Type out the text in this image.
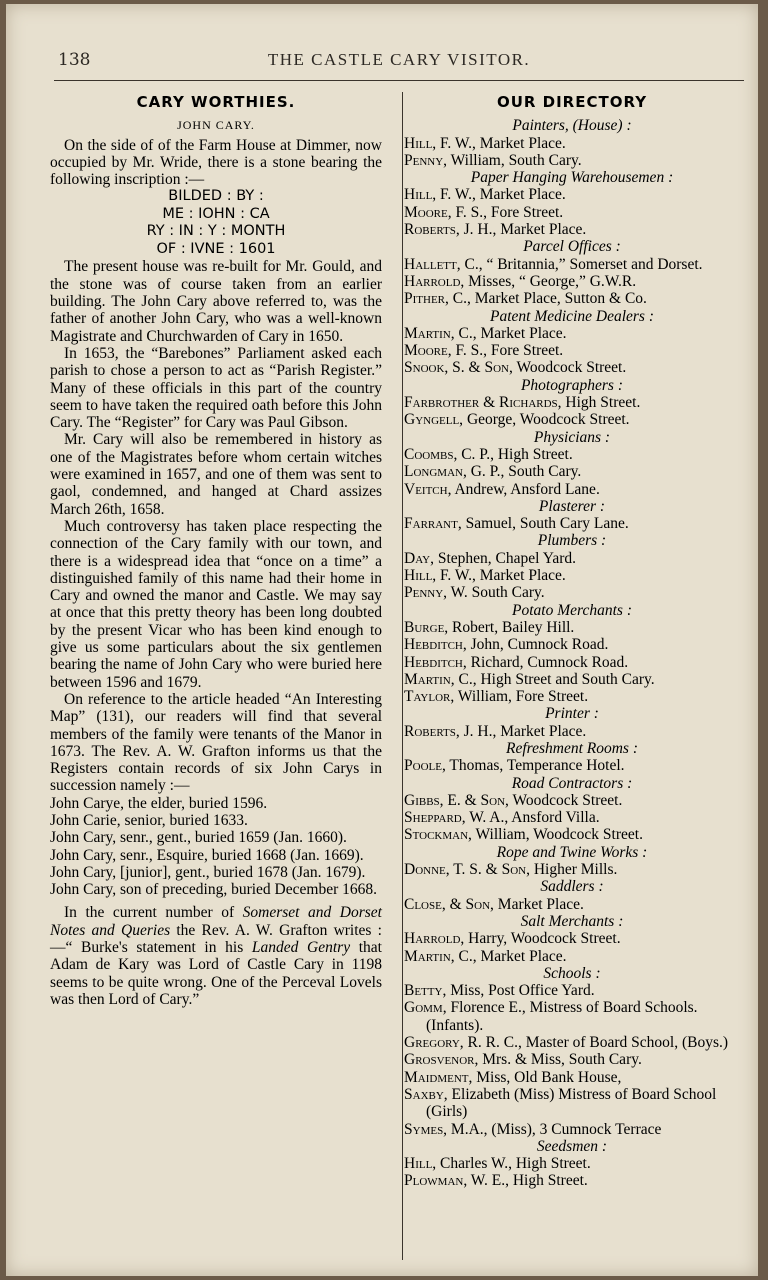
138	THE CASTLE CARY VISITOR.
CARY WORTHIES.
JOHN CARY.

On the side of of the Farm House at Dimmer, now occupied by Mr. Wride, there is a stone bearing the following inscription :—

BILDED : BY :
ME : IOHN : CA
RY : IN : Y : MONTH
OF : IVNE : 1601

The present house was re-built for Mr. Gould, and the stone was of course taken from an earlier building. The John Cary above referred to, was the father of another John Cary, who was a well-known Magistrate and Churchwarden of Cary in 1650.

In 1653, the “Barebones” Parliament asked each parish to chose a person to act as “Parish Register.” Many of these officials in this part of the country seem to have taken the required oath before this John Cary. The “Register” for Cary was Paul Gibson.

Mr. Cary will also be remembered in history as one of the Magistrates before whom certain witches were examined in 1657, and one of them was sent to gaol, condemned, and hanged at Chard assizes March 26th, 1658.

Much controversy has taken place respecting the connection of the Cary family with our town, and there is a widespread idea that “once on a time” a distinguished family of this name had their home in Cary and owned the manor and Castle. We may say at once that this pretty theory has been long doubted by the present Vicar who has been kind enough to give us some particulars about the six gentlemen bearing the name of John Cary who were buried here between 1596 and 1679.

On reference to the article headed “An Interesting Map” (131), our readers will find that several members of the family were tenants of the Manor in 1673. The Rev. A. W. Grafton informs us that the Registers contain records of six John Carys in succession namely :—

John Carye, the elder, buried 1596.
John Carie, senior, buried 1633.
John Cary, senr., gent., buried 1659 (Jan. 1660).
John Cary, senr., Esquire, buried 1668 (Jan. 1669).
John Cary, [junior], gent., buried 1678 (Jan. 1679).
John Cary, son of preceding, buried December 1668.

In the current number of Somerset and Dorset Notes and Queries the Rev. A. W. Grafton writes :—“ Burke's statement in his Landed Gentry that Adam de Kary was Lord of Castle Cary in 1198 seems to be quite wrong. One of the Perceval Lovels was then Lord of Cary.”

OUR DIRECTORY
Painters, (House) :
Hill, F. W., Market Place.
Penny, William, South Cary.
Paper Hanging Warehousemen :
Hill, F. W., Market Place.
Moore, F. S., Fore Street.
Roberts, J. H., Market Place.
Parcel Offices :
Hallett, C., “ Britannia,” Somerset and Dorset.
Harrold, Misses, “ George,” G.W.R.
Pither, C., Market Place, Sutton & Co.
Patent Medicine Dealers :
Martin, C., Market Place.
Moore, F. S., Fore Street.
Snook, S. & Son, Woodcock Street.
Photographers :
Farbrother & Richards, High Street.
Gyngell, George, Woodcock Street.
Physicians :
Coombs, C. P., High Street.
Longman, G. P., South Cary.
Veitch, Andrew, Ansford Lane.
Plasterer :
Farrant, Samuel, South Cary Lane.
Plumbers :
Day, Stephen, Chapel Yard.
Hill, F. W., Market Place.
Penny, W. South Cary.
Potato Merchants :
Burge, Robert, Bailey Hill.
Hebditch, John, Cumnock Road.
Hebditch, Richard, Cumnock Road.
Martin, C., High Street and South Cary.
Taylor, William, Fore Street.
Printer :
Roberts, J. H., Market Place.
Refreshment Rooms :
Poole, Thomas, Temperance Hotel.
Road Contractors :
Gibbs, E. & Son, Woodcock Street.
Sheppard, W. A., Ansford Villa.
Stockman, William, Woodcock Street.
Rope and Twine Works :
Donne, T. S. & Son, Higher Mills.
Saddlers :
Close, & Son, Market Place.
Salt Merchants :
Harrold, Harry, Woodcock Street.
Martin, C., Market Place.
Schools :
Betty, Miss, Post Office Yard.
Gomm, Florence E., Mistress of Board Schools. (Infants).
Gregory, R. R. C., Master of Board School, (Boys.)
Grosvenor, Mrs. & Miss, South Cary.
Maidment, Miss, Old Bank House,
Saxby, Elizabeth (Miss) Mistress of Board School (Girls)
Symes, M.A., (Miss), 3 Cumnock Terrace
Seedsmen :
Hill, Charles W., High Street.
Plowman, W. E., High Street.
